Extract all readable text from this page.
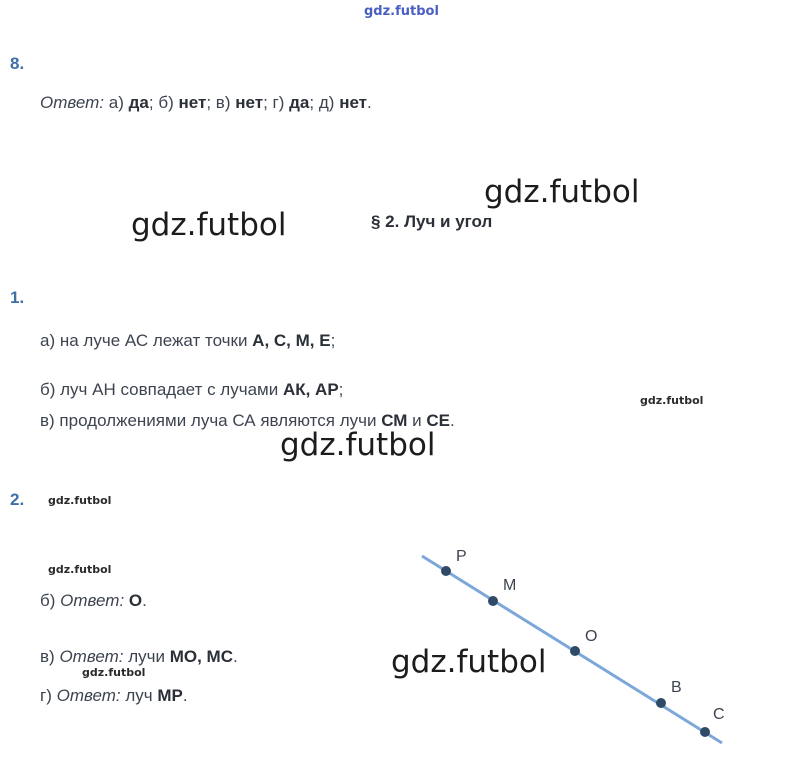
gdz.futbol
gdz.futbol
gdz.futbol
gdz.futbol
gdz.futbol
gdz.futbol
gdz.futbol
gdz.futbol
gdz.futbol
8.
Ответ: а) да; б) нет; в) нет; г) да; д) нет.
§ 2. Луч и угол
1.
а) на луче АС лежат точки А, С, М, Е;
б) луч АН совпадает с лучами АК, АР;
в) продолжениями луча СА являются лучи СМ и СЕ.
2.
б) Ответ: О.
в) Ответ: лучи МО, МС.
г) Ответ: луч МР.
Р
М
О
В
С
